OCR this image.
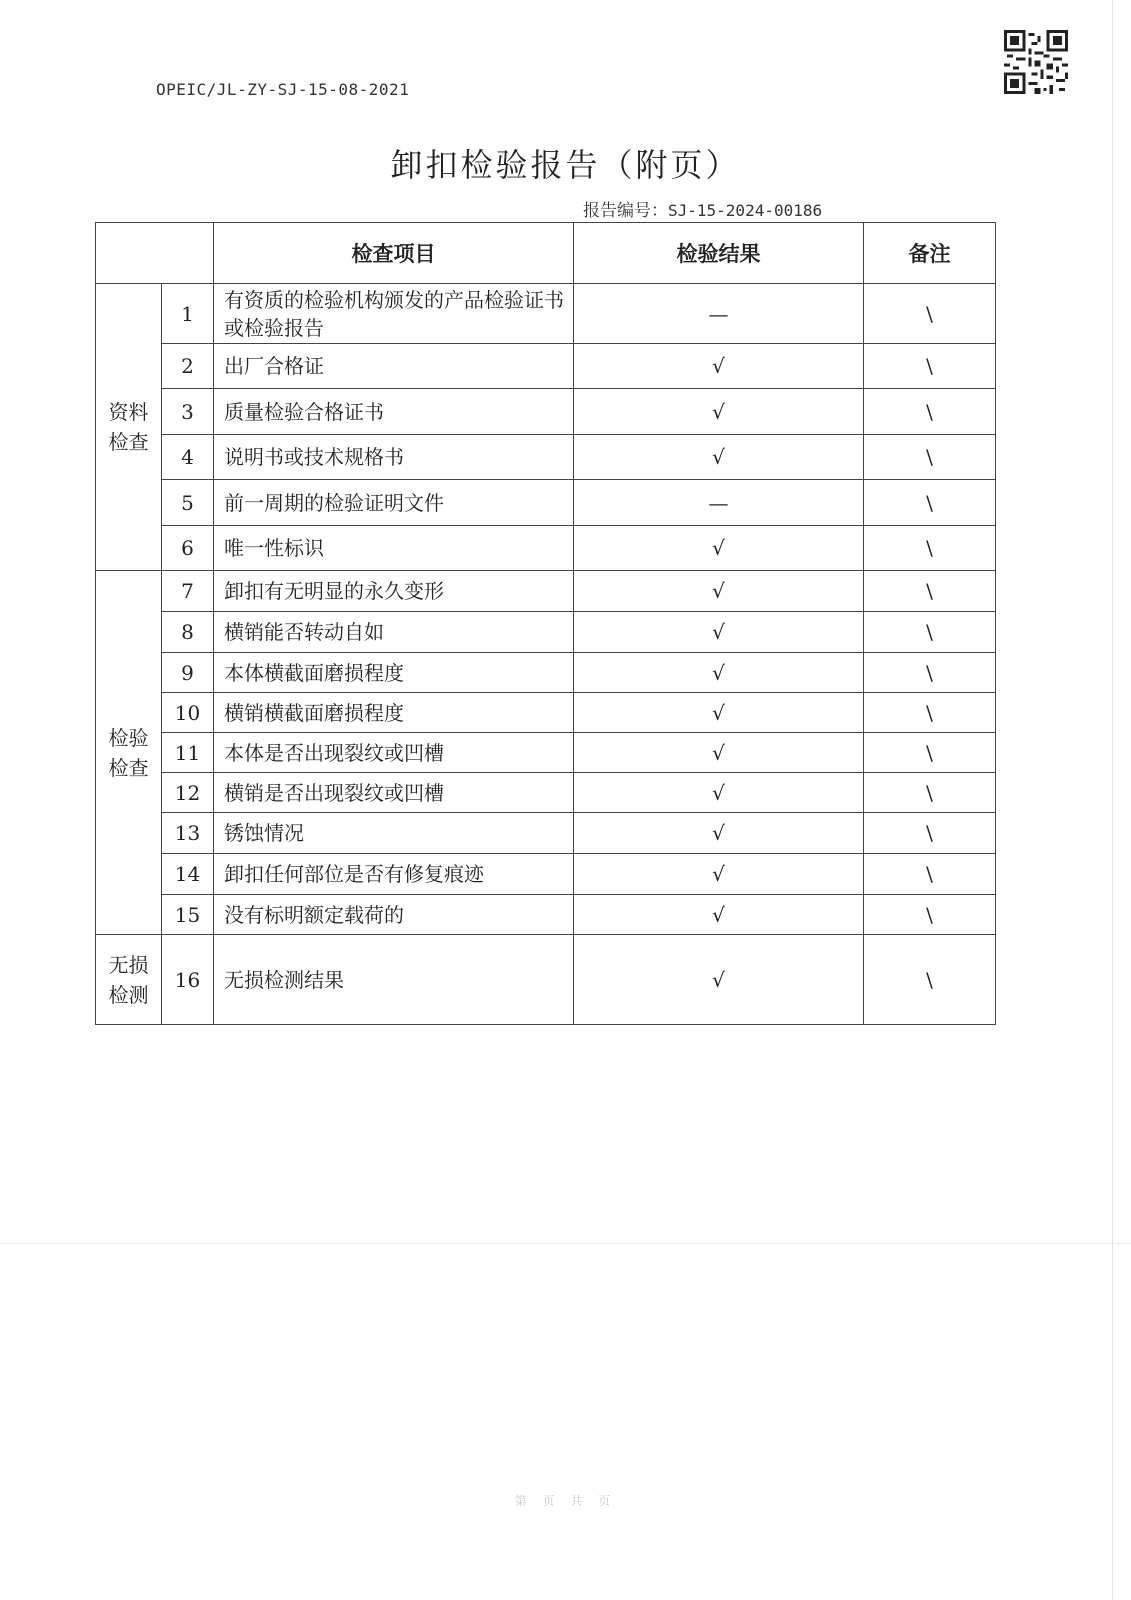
OPEIC/JL-ZY-SJ-15-08-2021
卸扣检验报告（附页）
报告编号：SJ-15-2024-00186
		检查项目	检验结果	备注
资料
检查	1	有资质的检验机构颁发的产品检验证书或检验报告	—	\
	2	出厂合格证	√	\
	3	质量检验合格证书	√	\
	4	说明书或技术规格书	√	\
	5	前一周期的检验证明文件	—	\
	6	唯一性标识	√	\
检验
检查	7	卸扣有无明显的永久变形	√	\
	8	横销能否转动自如	√	\
	9	本体横截面磨损程度	√	\
	10	横销横截面磨损程度	√	\
	11	本体是否出现裂纹或凹槽	√	\
	12	横销是否出现裂纹或凹槽	√	\
	13	锈蚀情况	√	\
	14	卸扣任何部位是否有修复痕迹	√	\
	15	没有标明额定载荷的	√	\
无损
检测	16	无损检测结果	√	\
第 页 共 页
